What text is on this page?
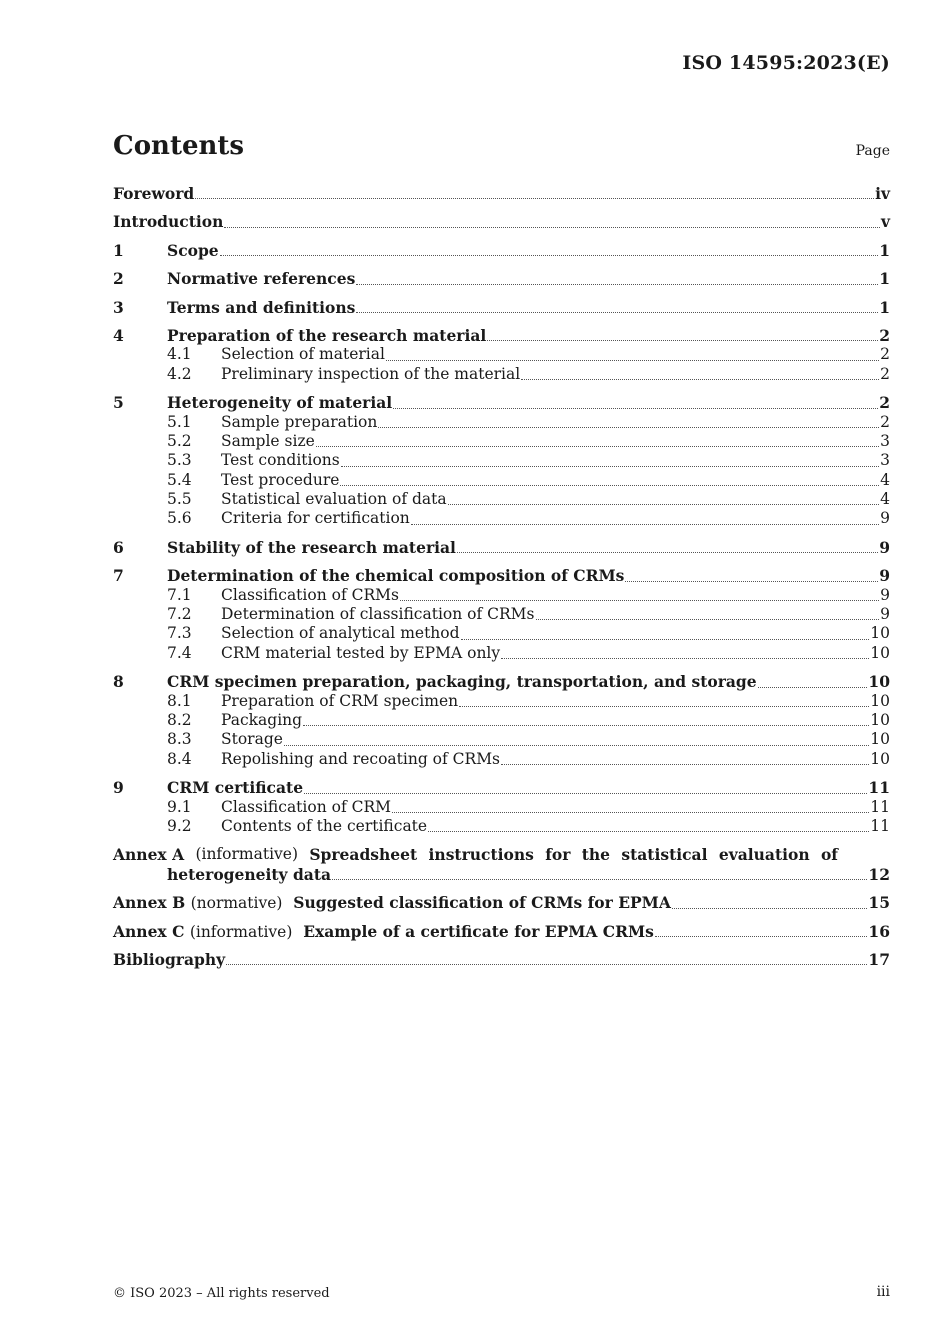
ISO 14595:2023(E)
Contents	Page
Foreword	iv
Introduction	v
1	Scope	1
2	Normative references	1
3	Terms and definitions	1
4	Preparation of the research material	2
4.1	Selection of material	2
4.2	Preliminary inspection of the material	2
5	Heterogeneity of material	2
5.1	Sample preparation	2
5.2	Sample size	3
5.3	Test conditions	3
5.4	Test procedure	4
5.5	Statistical evaluation of data	4
5.6	Criteria for certification	9
6	Stability of the research material	9
7	Determination of the chemical composition of CRMs	9
7.1	Classification of CRMs	9
7.2	Determination of classification of CRMs	9
7.3	Selection of analytical method	10
7.4	CRM material tested by EPMA only	10
8	CRM specimen preparation, packaging, transportation, and storage	10
8.1	Preparation of CRM specimen	10
8.2	Packaging	10
8.3	Storage	10
8.4	Repolishing and recoating of CRMs	10
9	CRM certificate	11
9.1	Classification of CRM	11
9.2	Contents of the certificate	11
Annex A (informative) Spreadsheet instructions for the statistical evaluation of
heterogeneity data	12
Annex B (normative) Suggested classification of CRMs for EPMA	15
Annex C (informative) Example of a certificate for EPMA CRMs	16
Bibliography	17
© ISO 2023 – All rights reserved	iii
